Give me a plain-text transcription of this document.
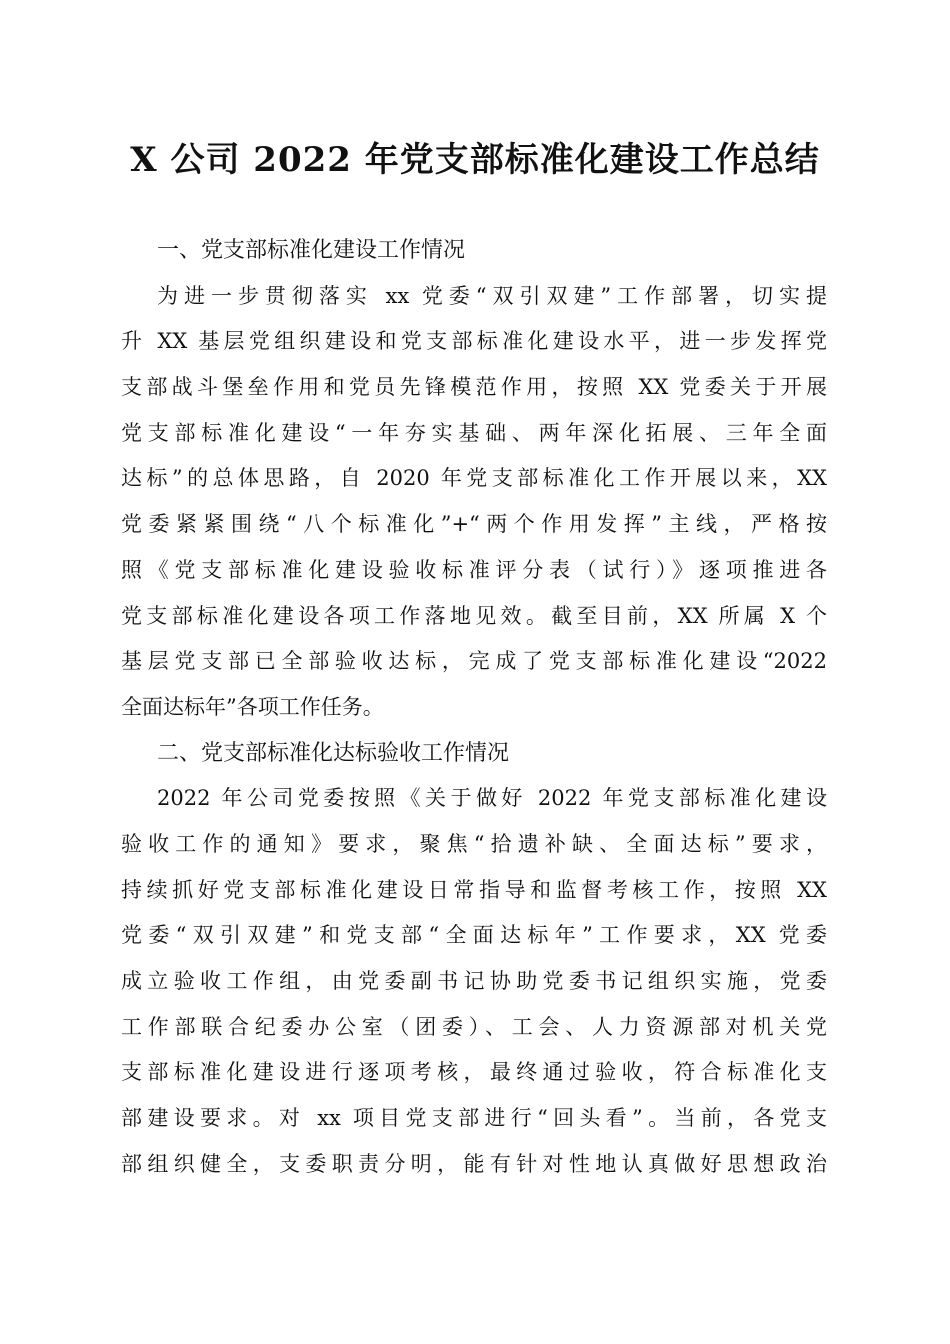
X 公司 2022 年党支部标准化建设工作总结
一、党支部标准化建设工作情况

为进一步贯彻落实 xx 党委“双引双建”工作部署，切实提
升 XX 基层党组织建设和党支部标准化建设水平，进一步发挥党
支部战斗堡垒作用和党员先锋模范作用，按照 XX 党委关于开展
党支部标准化建设“一年夯实基础、两年深化拓展、三年全面
达标”的总体思路，自 2020 年党支部标准化工作开展以来，XX
党委紧紧围绕“八个标准化”+“两个作用发挥”主线，严格按
照《党支部标准化建设验收标准评分表（试行）》逐项推进各
党支部标准化建设各项工作落地见效。截至目前，XX 所属 X 个
基层党支部已全部验收达标，完成了党支部标准化建设“2022
全面达标年”各项工作任务。

二、党支部标准化达标验收工作情况

2022 年公司党委按照《关于做好 2022 年党支部标准化建设
验收工作的通知》要求，聚焦“拾遗补缺、全面达标”要求，
持续抓好党支部标准化建设日常指导和监督考核工作，按照 XX
党委“双引双建”和党支部“全面达标年”工作要求，XX 党委
成立验收工作组，由党委副书记协助党委书记组织实施，党委
工作部联合纪委办公室（团委）、工会、人力资源部对机关党
支部标准化建设进行逐项考核，最终通过验收，符合标准化支
部建设要求。对 xx 项目党支部进行“回头看”。当前，各党支
部组织健全，支委职责分明，能有针对性地认真做好思想政治
